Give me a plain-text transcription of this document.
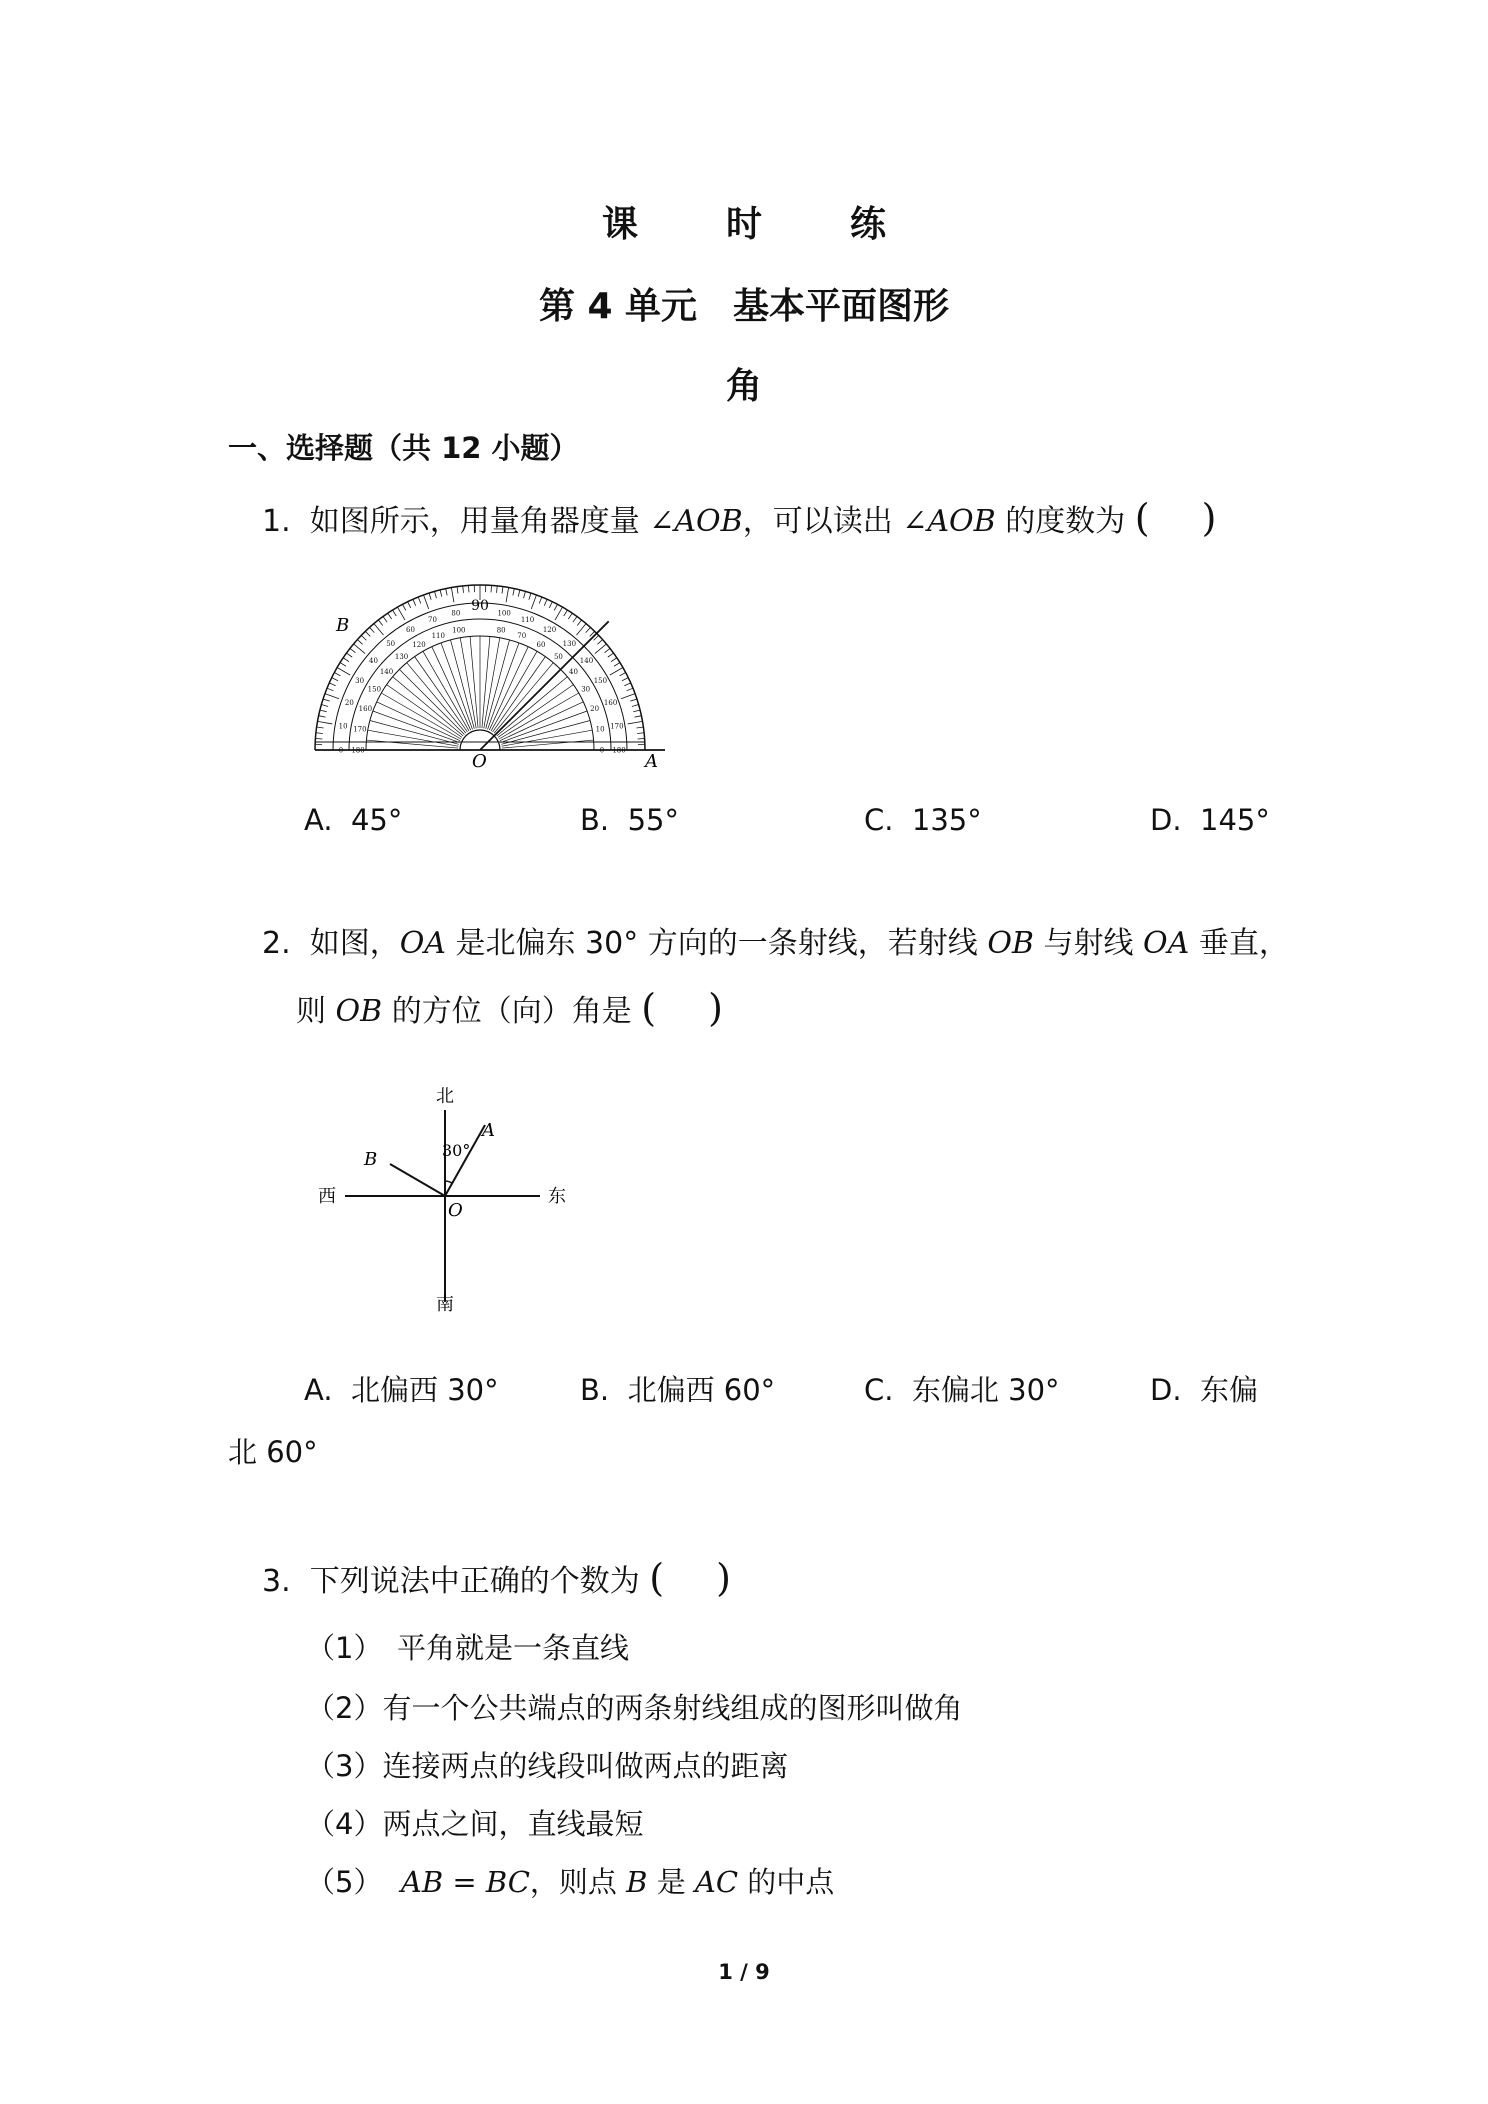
课　时　练
第 4 单元　基本平面图形
角
一、选择题（共 12 小题）
1. 如图所示，用量角器度量 ∠AOB，可以读出 ∠AOB 的度数为 ( )
0
10
20
30
40
50
60
70
80	100
110
120
130
140
150
160
170
180
180
170
160
150
140
130
120
110
100	80
70
60
50
40
30
20
10
0
90
B
O	A
A. 45°	B. 55°	C. 135°	D. 145°
2. 如图，OA 是北偏东 30° 方向的一条射线，若射线 OB 与射线 OA 垂直，
则 OB 的方位（向）角是 ( )
北
南
西	东
A
B
O
30°
A. 北偏西 30°	B. 北偏西 60°	C. 东偏北 30°	D. 东偏
北 60°
3. 下列说法中正确的个数为 ( )
（1）　平角就是一条直线
（2）有一个公共端点的两条射线组成的图形叫做角
（3）连接两点的线段叫做两点的距离
（4）两点之间，直线最短
（5） AB = BC，则点 B 是 AC 的中点
1 / 9
